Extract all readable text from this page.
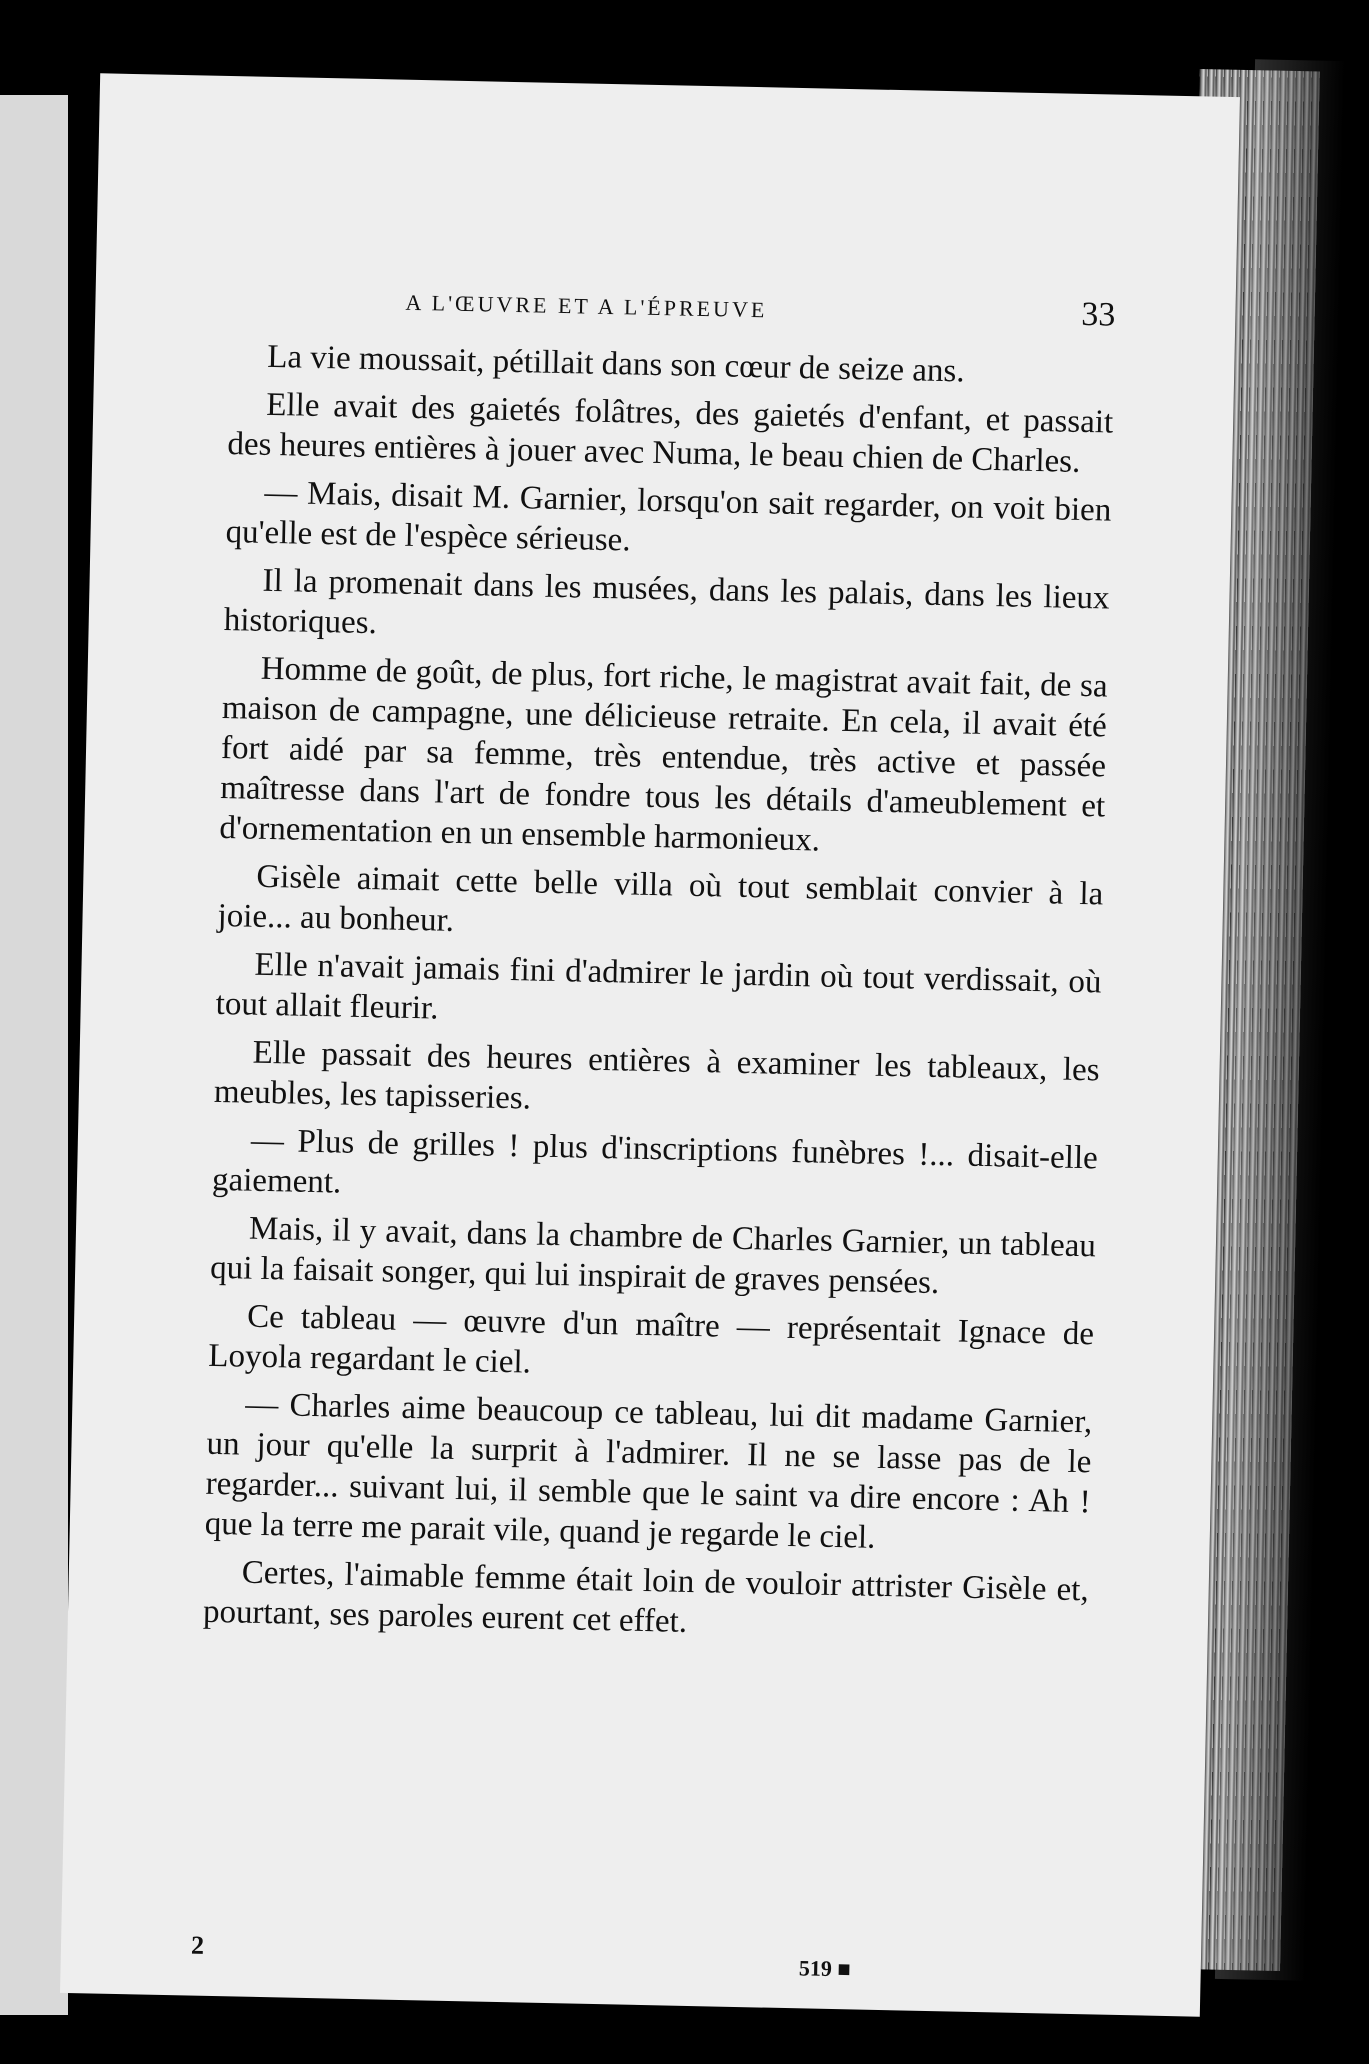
A L'ŒUVRE ET A L'ÉPREUVE	33

La vie moussait, pétillait dans son cœur de seize ans.

Elle avait des gaietés folâtres, des gaietés d'enfant, et passait des heures entières à jouer avec Numa, le beau chien de Charles.

— Mais, disait M. Garnier, lorsqu'on sait regarder, on voit bien qu'elle est de l'espèce sérieuse.

Il la promenait dans les musées, dans les palais, dans les lieux historiques.

Homme de goût, de plus, fort riche, le magistrat avait fait, de sa maison de campagne, une délicieuse retraite. En cela, il avait été fort aidé par sa femme, très entendue, très active et passée maîtresse dans l'art de fondre tous les détails d'ameublement et d'ornementation en un ensemble harmonieux.

Gisèle aimait cette belle villa où tout semblait convier à la joie... au bonheur.

Elle n'avait jamais fini d'admirer le jardin où tout verdissait, où tout allait fleurir.

Elle passait des heures entières à examiner les tableaux, les meubles, les tapisseries.

— Plus de grilles ! plus d'inscriptions funèbres !... disait-elle gaiement.

Mais, il y avait, dans la chambre de Charles Garnier, un tableau qui la faisait songer, qui lui inspirait de graves pensées.

Ce tableau — œuvre d'un maître — représentait Ignace de Loyola regardant le ciel.

— Charles aime beaucoup ce tableau, lui dit madame Garnier, un jour qu'elle la surprit à l'admirer. Il ne se lasse pas de le regarder... suivant lui, il semble que le saint va dire encore : Ah ! que la terre me parait vile, quand je regarde le ciel.

Certes, l'aimable femme était loin de vouloir attrister Gisèle et, pourtant, ses paroles eurent cet effet.

2
519 ■
